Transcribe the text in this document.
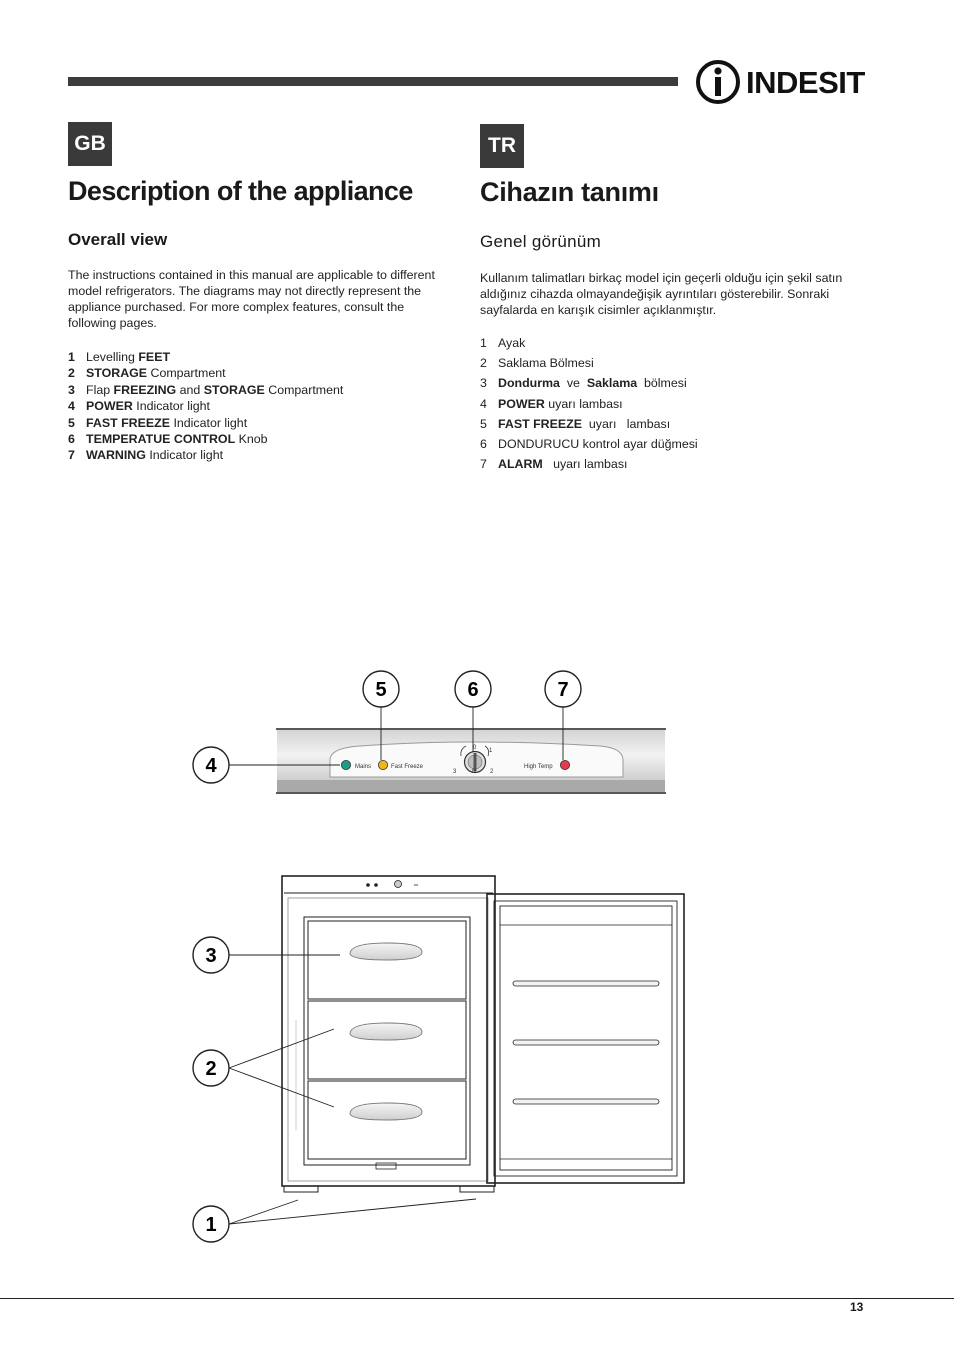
INDESIT
GB
Description of the appliance
Overall view
The instructions contained in this manual are applicable to different model refrigerators. The diagrams may not directly represent the appliance purchased. For more complex features, consult the following pages.
1 Levelling FEET
2 STORAGE Compartment
3 Flap FREEZING and STORAGE Compartment
4 POWER Indicator light
5 FAST FREEZE Indicator light
6 TEMPERATUE CONTROL Knob
7 WARNING Indicator light
TR
Cihazın tanımı
Genel görünüm
Kullanım talimatları birkaç model için geçerli olduğu için şekil satın aldığınız cihazda olmayandeğişik ayrıntıları gösterebilir. Sonraki sayfalarda en karışık cisimler açıklanmıştır.
1 Ayak
2 Saklama Bölmesi
3 Dondurma  ve  Saklama  bölmesi
4 POWER uyarı lambası
5 FAST FREEZE  uyarı   lambası
6 DONDURUCU kontrol ayar düğmesi
7 ALARM   uyarı lambası
Mains	Fast Freeze
0 1
2
3	N
High Temp
4
5	6	7
3
2
1
13
